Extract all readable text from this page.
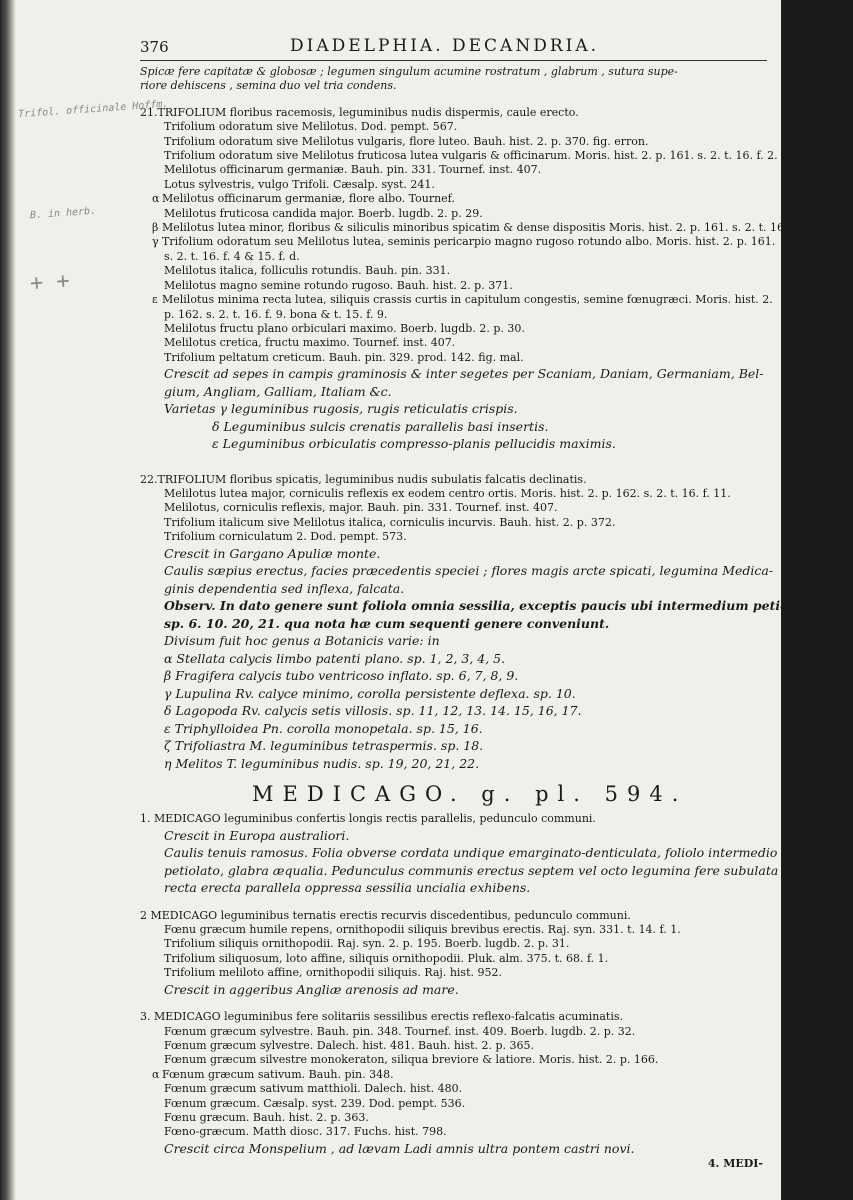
Trifol. officinale Hoffm.
B. in herb.
+ +
376	DIADELPHIA. DECANDRIA.
Spicæ fere capitatæ & globosæ ; legumen singulum acumine rostratum , glabrum , sutura supe-
riore dehiscens , semina duo vel tria condens.
21.TRIFOLIUM floribus racemosis, leguminibus nudis dispermis, caule erecto.
Trifolium odoratum sive Melilotus. Dod. pempt. 567.
Trifolium odoratum sive Melilotus vulgaris, flore luteo. Bauh. hist. 2. p. 370. fig. erron.
Trifolium odoratum sive Melilotus fruticosa lutea vulgaris & officinarum. Moris. hist. 2. p. 161. s. 2. t. 16. f. 2.
Melilotus officinarum germaniæ. Bauh. pin. 331. Tournef. inst. 407.
Lotus sylvestris, vulgo Trifoli. Cæsalp. syst. 241.
α Melilotus officinarum germaniæ, flore albo. Tournef.
Melilotus fruticosa candida major. Boerb. lugdb. 2. p. 29.
β Melilotus lutea minor, floribus & siliculis minoribus spicatim & dense dispositis Moris. hist. 2. p. 161. s. 2. t. 16. f. 5.
γ Trifolium odoratum seu Melilotus lutea, seminis pericarpio magno rugoso rotundo albo. Moris. hist. 2. p. 161.
s. 2. t. 16. f. 4 & 15. f. d.
Melilotus italica, folliculis rotundis. Bauh. pin. 331.
Melilotus magno semine rotundo rugoso. Bauh. hist. 2. p. 371.
ε Melilotus minima recta lutea, siliquis crassis curtis in capitulum congestis, semine fœnugræci. Moris. hist. 2.
p. 162. s. 2. t. 16. f. 9. bona & t. 15. f. 9.
Melilotus fructu plano orbiculari maximo. Boerb. lugdb. 2. p. 30.
Melilotus cretica, fructu maximo. Tournef. inst. 407.
Trifolium peltatum creticum. Bauh. pin. 329. prod. 142. fig. mal.
Crescit ad sepes in campis graminosis & inter segetes per Scaniam, Daniam, Germaniam, Bel-
gium, Angliam, Galliam, Italiam &c.
Varietas γ leguminibus rugosis, rugis reticulatis crispis.
δ Leguminibus sulcis crenatis parallelis basi insertis.
ε Leguminibus orbiculatis compresso-planis pellucidis maximis.
22.TRIFOLIUM floribus spicatis, leguminibus nudis subulatis falcatis declinatis.
Melilotus lutea major, corniculis reflexis ex eodem centro ortis. Moris. hist. 2. p. 162. s. 2. t. 16. f. 11.
Melilotus, corniculis reflexis, major. Bauh. pin. 331. Tournef. inst. 407.
Trifolium italicum sive Melilotus italica, corniculis incurvis. Bauh. hist. 2. p. 372.
Trifolium corniculatum 2. Dod. pempt. 573.
Crescit in Gargano Apuliæ monte.
Caulis sæpius erectus, facies præcedentis speciei ; flores magis arcte spicati, legumina Medica-
ginis dependentia sed inflexa, falcata.
Observ. In dato genere sunt foliola omnia sessilia, exceptis paucis ubi intermedium petiolatum uti
sp. 6. 10. 20, 21. qua nota hæ cum sequenti genere conveniunt.
Divisum fuit hoc genus a Botanicis varie: in
α Stellata calycis limbo patenti plano. sp. 1, 2, 3, 4, 5.
β Fragifera calycis tubo ventricoso inflato. sp. 6, 7, 8, 9.
γ Lupulina Rv. calyce minimo, corolla persistente deflexa. sp. 10.
δ Lagopoda Rv. calycis setis villosis. sp. 11, 12, 13. 14. 15, 16, 17.
ε Triphylloidea Pn. corolla monopetala. sp. 15, 16.
ζ Trifoliastra M. leguminibus tetraspermis. sp. 18.
η Melitos T. leguminibus nudis. sp. 19, 20, 21, 22.
MEDICAGO. g. pl. 594.
1. MEDICAGO leguminibus confertis longis rectis parallelis, pedunculo communi.
Crescit in Europa australiori.
Caulis tenuis ramosus. Folia obverse cordata undique emarginato-denticulata, foliolo intermedio
petiolato, glabra æqualia. Pedunculus communis erectus septem vel octo legumina fere subulata
recta erecta parallela oppressa sessilia uncialia exhibens.
2 MEDICAGO leguminibus ternatis erectis recurvis discedentibus, pedunculo communi.
Fœnu græcum humile repens, ornithopodii siliquis brevibus erectis. Raj. syn. 331. t. 14. f. 1.
Trifolium siliquis ornithopodii. Raj. syn. 2. p. 195. Boerb. lugdb. 2. p. 31.
Trifolium siliquosum, loto affine, siliquis ornithopodii. Pluk. alm. 375. t. 68. f. 1.
Trifolium meliloto affine, ornithopodii siliquis. Raj. hist. 952.
Crescit in aggeribus Angliæ arenosis ad mare.
3. MEDICAGO leguminibus fere solitariis sessilibus erectis reflexo-falcatis acuminatis.
Fœnum græcum sylvestre. Bauh. pin. 348. Tournef. inst. 409. Boerb. lugdb. 2. p. 32.
Fœnum græcum sylvestre. Dalech. hist. 481. Bauh. hist. 2. p. 365.
Fœnum græcum silvestre monokeraton, siliqua breviore & latiore. Moris. hist. 2. p. 166.
α Fœnum græcum sativum. Bauh. pin. 348.
Fœnum græcum sativum matthioli. Dalech. hist. 480.
Fœnum græcum. Cæsalp. syst. 239. Dod. pempt. 536.
Fœnu græcum. Bauh. hist. 2. p. 363.
Fœno-græcum. Matth diosc. 317. Fuchs. hist. 798.
Crescit circa Monspelium , ad lævam Ladi amnis ultra pontem castri novi.
4. MEDI-
